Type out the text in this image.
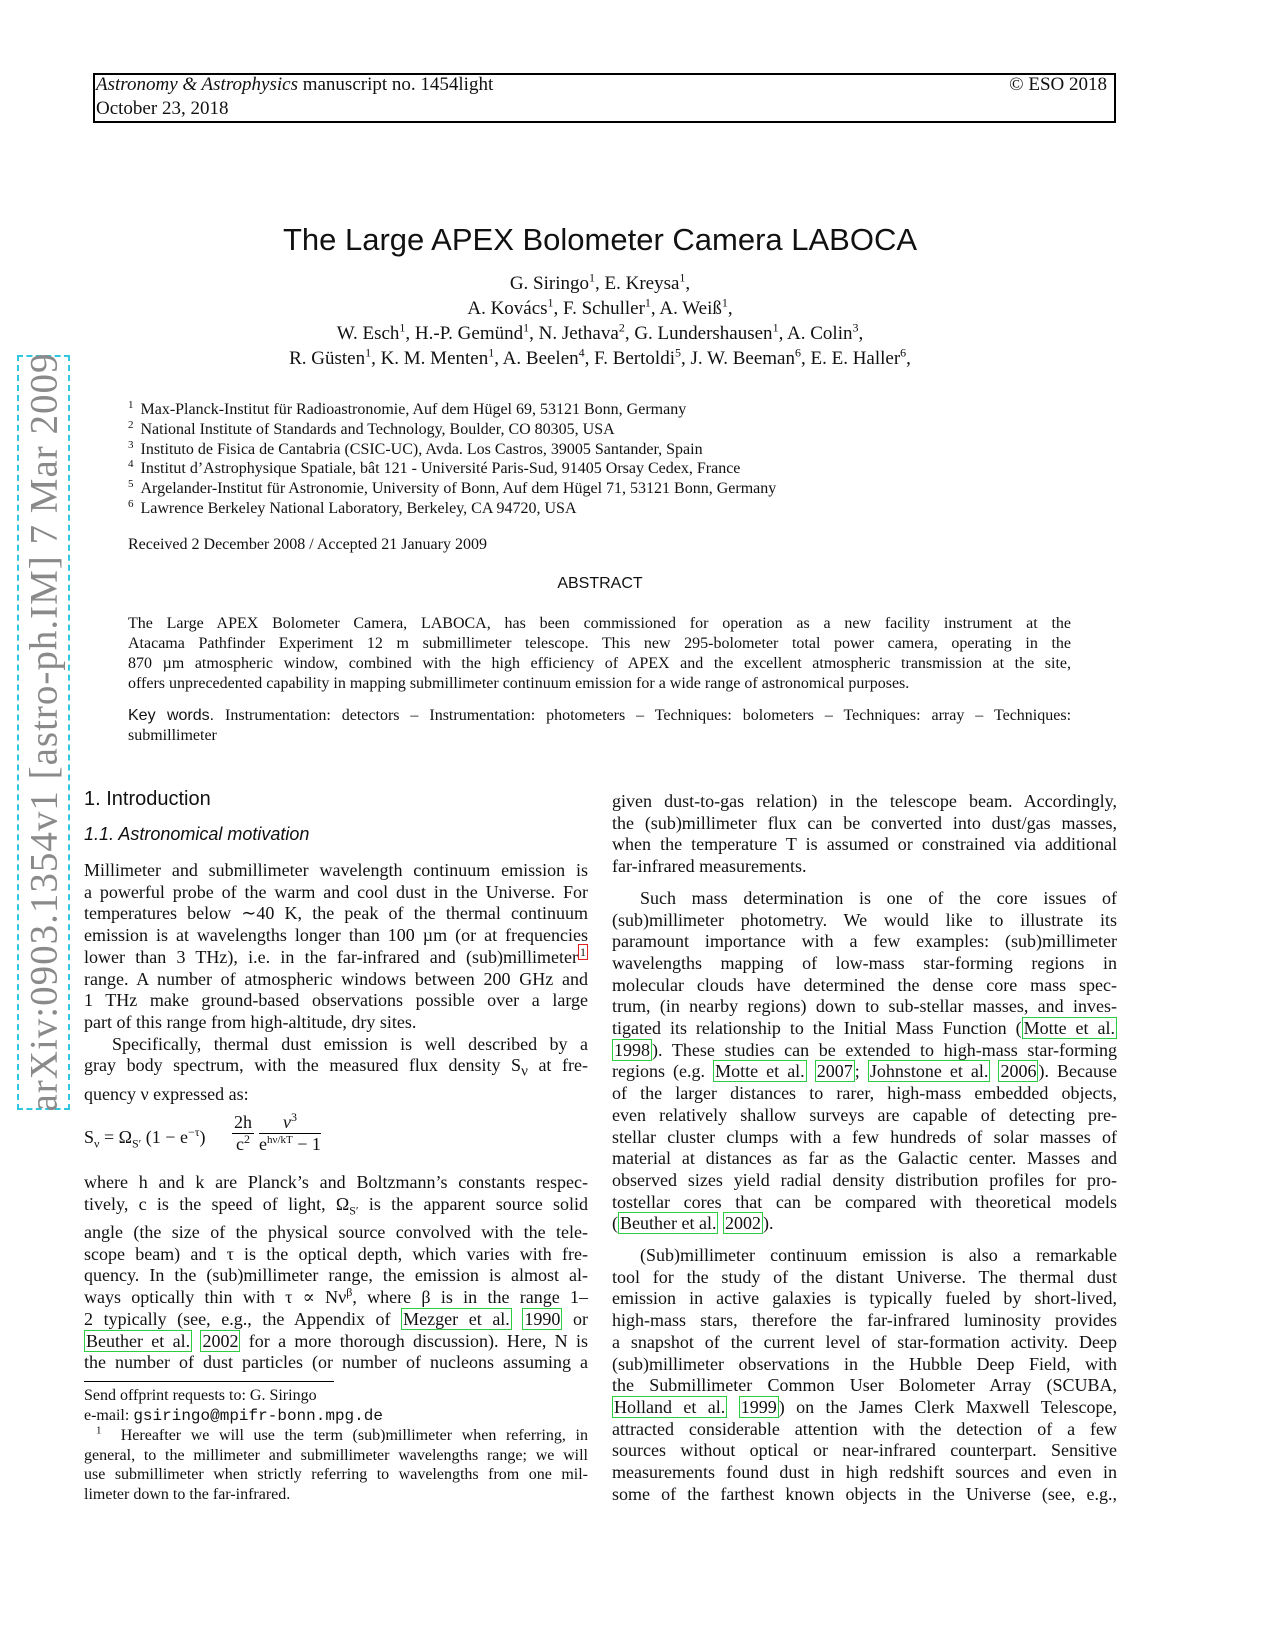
Astronomy & Astrophysics manuscript no. 1454light
October 23, 2018
© ESO 2018
arXiv:0903.1354v1 [astro-ph.IM] 7 Mar 2009
The Large APEX Bolometer Camera LABOCA
G. Siringo$^1$, E. Kreysa$^1$,
A. Kovács$^1$, F. Schuller$^1$, A. Weiß$^1$,
W. Esch$^1$, H.-P. Gemünd$^1$, N. Jethava$^2$, G. Lundershausen$^1$, A. Colin$^3$,
R. Güsten$^1$, K. M. Menten$^1$, A. Beelen$^4$, F. Bertoldi$^5$, J. W. Beeman$^6$, E. E. Haller$^6$,
$^1$ Max-Planck-Institut für Radioastronomie, Auf dem Hügel 69, 53121 Bonn, Germany
$^2$ National Institute of Standards and Technology, Boulder, CO 80305, USA
$^3$ Instituto de Fisica de Cantabria (CSIC-UC), Avda. Los Castros, 39005 Santander, Spain
$^4$ Institut d’Astrophysique Spatiale, bât 121 - Université Paris-Sud, 91405 Orsay Cedex, France
$^5$ Argelander-Institut für Astronomie, University of Bonn, Auf dem Hügel 71, 53121 Bonn, Germany
$^6$ Lawrence Berkeley National Laboratory, Berkeley, CA 94720, USA
Received 2 December 2008 / Accepted 21 January 2009
ABSTRACT
The Large APEX Bolometer Camera, LABOCA, has been commissioned for operation as a new facility instrument at the
Atacama Pathfinder Experiment 12 m submillimeter telescope. This new 295-bolometer total power camera, operating in the
870 µm atmospheric window, combined with the high efficiency of APEX and the excellent atmospheric transmission at the site,
offers unprecedented capability in mapping submillimeter continuum emission for a wide range of astronomical purposes.
Key words. Instrumentation: detectors – Instrumentation: photometers – Techniques: bolometers – Techniques: array – Techniques:
submillimeter
1. Introduction
1.1. Astronomical motivation
Millimeter and submillimeter wavelength continuum emission is
a powerful probe of the warm and cool dust in the Universe. For
temperatures below ∼40 K, the peak of the thermal continuum
emission is at wavelengths longer than 100 µm (or at frequencies
lower than 3 THz), i.e. in the far-infrared and (sub)millimeter $^1$
range. A number of atmospheric windows between 200 GHz and
1 THz make ground-based observations possible over a large
part of this range from high-altitude, dry sites.
Specifically, thermal dust emission is well described by a
gray body spectrum, with the measured flux density $S_\nu$ at fre-
quency ν expressed as:
$S_\nu = \Omega_{S'}$ $(1 - e^{-\tau}) \frac{2h}{c^2}$	$\nu^3$
$e^{h\nu/kT} - 1$
where h and k are Planck’s and Boltzmann’s constants respec-
tively, c is the speed of light, $\Omega_{S'}$ is the apparent source solid
angle (the size of the physical source convolved with the tele-
scope beam) and τ is the optical depth, which varies with fre-
quency. In the (sub)millimeter range, the emission is almost al-
ways optically thin with $\tau \propto N\nu^\beta$, where β is in the range 1–
2 typically (see, e.g., the Appendix of Mezger et al. 1990 or
Beuther et al. 2002 for a more thorough discussion). Here, N is
the number of dust particles (or number of nucleons assuming a
Send offprint requests to: G. Siringo
e-mail: gsiringo@mpifr-bonn.mpg.de
$^1$ Hereafter we will use the term (sub)millimeter when referring, in
general, to the millimeter and submillimeter wavelengths range; we will
use submillimeter when strictly referring to wavelengths from one mil-
limeter down to the far-infrared.
given dust-to-gas relation) in the telescope beam. Accordingly,
the (sub)millimeter flux can be converted into dust/gas masses,
when the temperature T is assumed or constrained via additional
far-infrared measurements.
Such mass determination is one of the core issues of
(sub)millimeter photometry. We would like to illustrate its
paramount importance with a few examples: (sub)millimeter
wavelengths mapping of low-mass star-forming regions in
molecular clouds have determined the dense core mass spec-
trum, (in nearby regions) down to sub-stellar masses, and inves-
tigated its relationship to the Initial Mass Function ( Motte et al.
1998 ). These studies can be extended to high-mass star-forming
regions (e.g. Motte et al. 2007 ; Johnstone et al. 2006 ). Because
of the larger distances to rarer, high-mass embedded objects,
even relatively shallow surveys are capable of detecting pre-
stellar cluster clumps with a few hundreds of solar masses of
material at distances as far as the Galactic center. Masses and
observed sizes yield radial density distribution profiles for pro-
tostellar cores that can be compared with theoretical models
( Beuther et al. 2002 ).
(Sub)millimeter continuum emission is also a remarkable
tool for the study of the distant Universe. The thermal dust
emission in active galaxies is typically fueled by short-lived,
high-mass stars, therefore the far-infrared luminosity provides
a snapshot of the current level of star-formation activity. Deep
(sub)millimeter observations in the Hubble Deep Field, with
the Submillimeter Common User Bolometer Array (SCUBA,
Holland et al. 1999 ) on the James Clerk Maxwell Telescope,
attracted considerable attention with the detection of a few
sources without optical or near-infrared counterpart. Sensitive
measurements found dust in high redshift sources and even in
some of the farthest known objects in the Universe (see, e.g.,
